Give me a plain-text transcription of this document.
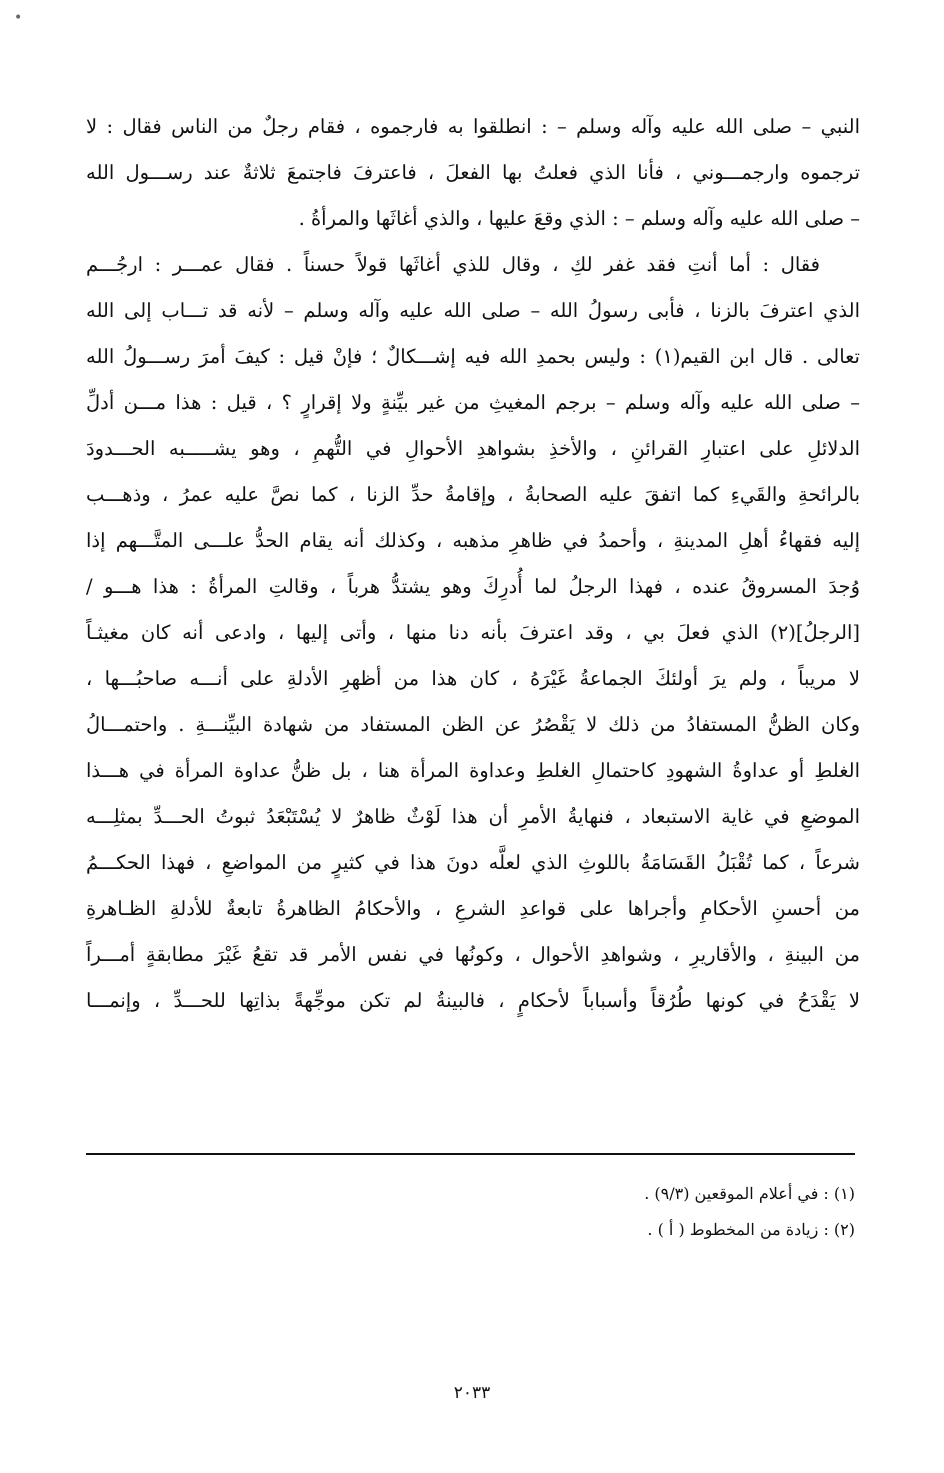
•
النبي – صلى الله عليه وآله وسلم – : انطلقوا به فارجموه ، فقام رجلٌ من الناس فقال : لا
ترجموه وارجمـــوني ، فأنا الذي فعلتُ بها الفعلَ ، فاعترفَ فاجتمعَ ثلاثةٌ عند رســـول الله
– صلى الله عليه وآله وسلم – : الذي وقعَ عليها ، والذي أغاثَها والمرأةُ .
فقال : أما أنتِ فقد غفر لكِ ، وقال للذي أغاثَها قولاً حسناً . فقال عمـــر : ارجُـــم
الذي اعترفَ بالزنا ، فأبى رسولُ الله – صلى الله عليه وآله وسلم – لأنه قد تـــاب إلى الله
تعالى . قال ابن القيم(١) : وليس بحمدِ الله فيه إشـــكالٌ ؛ فإنْ قيل : كيفَ أمرَ رســـولُ الله
– صلى الله عليه وآله وسلم – برجم المغيثِ من غير بيِّنةٍ ولا إقرارٍ ؟ ، قيل : هذا مـــن أدلِّ
الدلائلِ على اعتبارِ القرائنِ ، والأخذِ بشواهدِ الأحوالِ في التُّهمِ ، وهو يشـــــبه الحـــدودَ
بالرائحةِ والقَيءِ كما اتفقَ عليه الصحابةُ ، وإقامةُ حدِّ الزنا ، كما نصَّ عليه عمرُ ، وذهـــب
إليه فقهاءُ أهلِ المدينةِ ، وأحمدُ في ظاهرِ مذهبه ، وكذلك أنه يقام الحدُّ علـــى المتَّـــهم إذا
وُجدَ المسروقُ عنده ، فهذا الرجلُ لما أُدرِكَ وهو يشتدُّ هرباً ، وقالتِ المرأةُ : هذا هـــو /
[الرجلُ](٢) الذي فعلَ بي ، وقد اعترفَ بأنه دنا منها ، وأتى إليها ، وادعى أنه كان مغيثـاً
لا مريباً ، ولم يرَ أولئكَ الجماعةُ غَيْرَهُ ، كان هذا من أظهرِ الأدلةِ على أنـــه صاحبُـــها ،
وكان الظنُّ المستفادُ من ذلك لا يَقْصُرُ عن الظن المستفاد من شهادة البيِّنـــةِ . واحتمـــالُ
الغلطِ أو عداوةُ الشهودِ كاحتمالِ الغلطِ وعداوة المرأة هنا ، بل ظنُّ عداوة المرأة في هـــذا
الموضعِ في غاية الاستبعاد ، فنهايةُ الأمرِ أن هذا لَوْثٌ ظاهرٌ لا يُسْتَبْعَدُ ثبوتُ الحـــدِّ بمثلِـــه
شرعاً ، كما تُقْبَلُ القَسَامَةُ باللوثِ الذي لعلَّه دونَ هذا في كثيرٍ من المواضعِ ، فهذا الحكـــمُ
من أحسنِ الأحكامِ وأجراها على قواعدِ الشرعِ ، والأحكامُ الظاهرةُ تابعةٌ للأدلةِ الظـاهرةِ
من البينةِ ، والأقاريرِ ، وشواهدِ الأحوال ، وكونُها في نفس الأمر قد تقعُ غَيْرَ مطابقةٍ أمـــراً
لا يَقْدَحُ في كونها طُرُقاً وأسباباً لأحكامٍ ، فالبينةُ لم تكن موجِّهةً بذاتِها للحـــدِّ ، وإنمـــا
(١) : في أعلام الموقعين (٩/٣) .
(٢) : زيادة من المخطوط ( أ ) .
٢٠٣٣
